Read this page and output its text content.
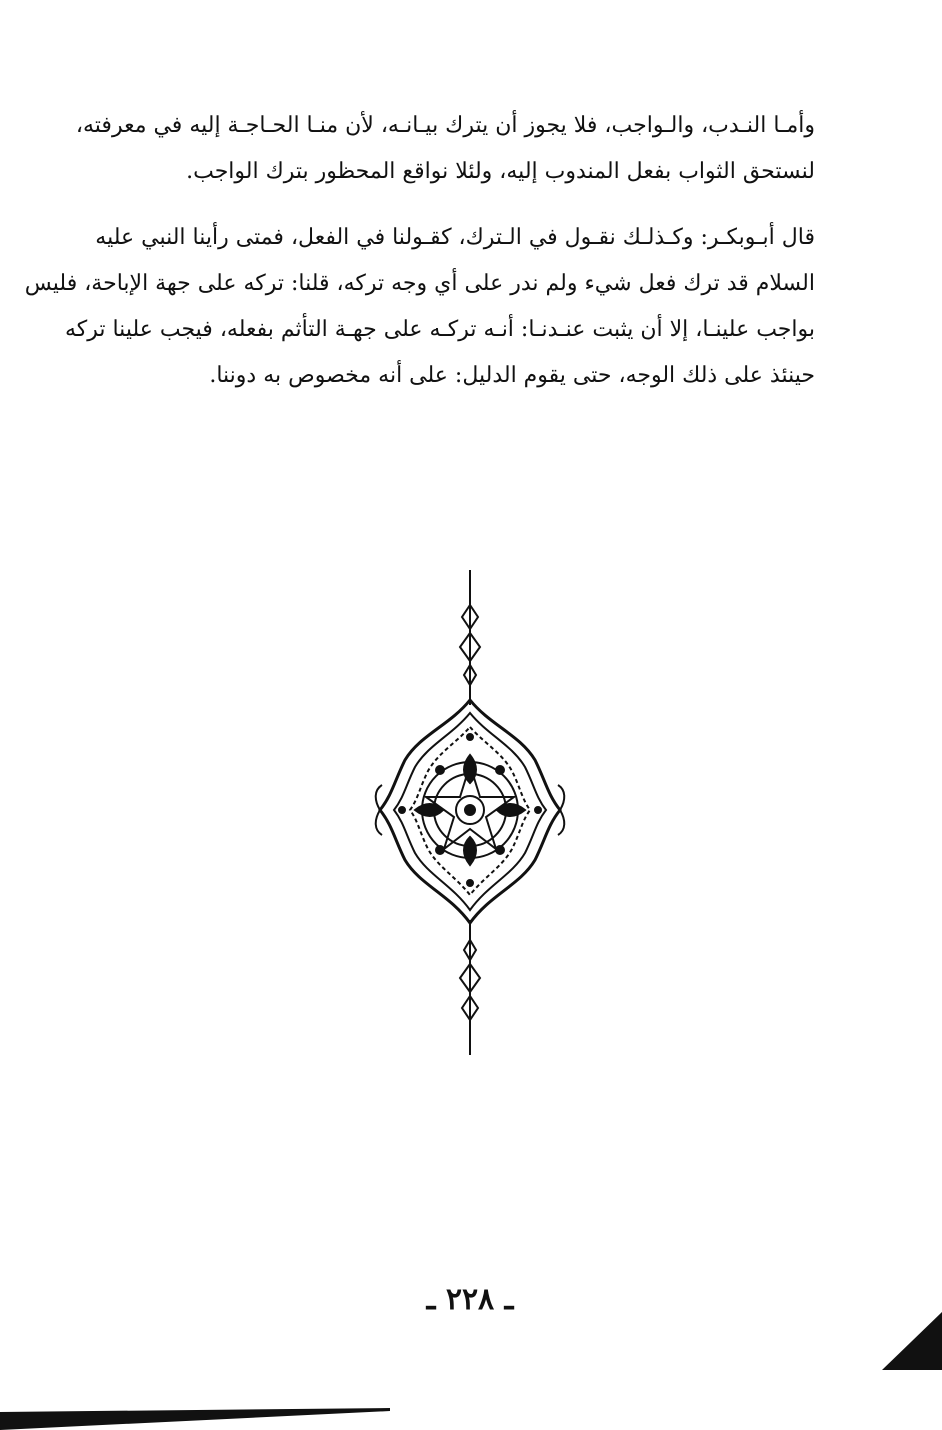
وأمـا النـدب، والـواجب، فلا يجوز أن يترك بيـانـه، لأن منـا الحـاجـة إليه في معرفته،
لنستحق الثواب بفعل المندوب إليه، ولئلا نواقع المحظور بترك الواجب.
قال أبـوبكـر: وكـذلـك نقـول في الـترك، كقـولنا في الفعل، فمتى رأينا النبي عليه
السلام قد ترك فعل شيء ولم ندر على أي وجه تركه، قلنا: تركه على جهة الإباحة، فليس
بواجب علينـا، إلا أن يثبت عنـدنـا: أنـه تركـه على جهـة التأثم بفعله، فيجب علينا تركه
حينئذ على ذلك الوجه، حتى يقوم الدليل: على أنه مخصوص به دوننا.
ـ ٢٢٨ ـ
